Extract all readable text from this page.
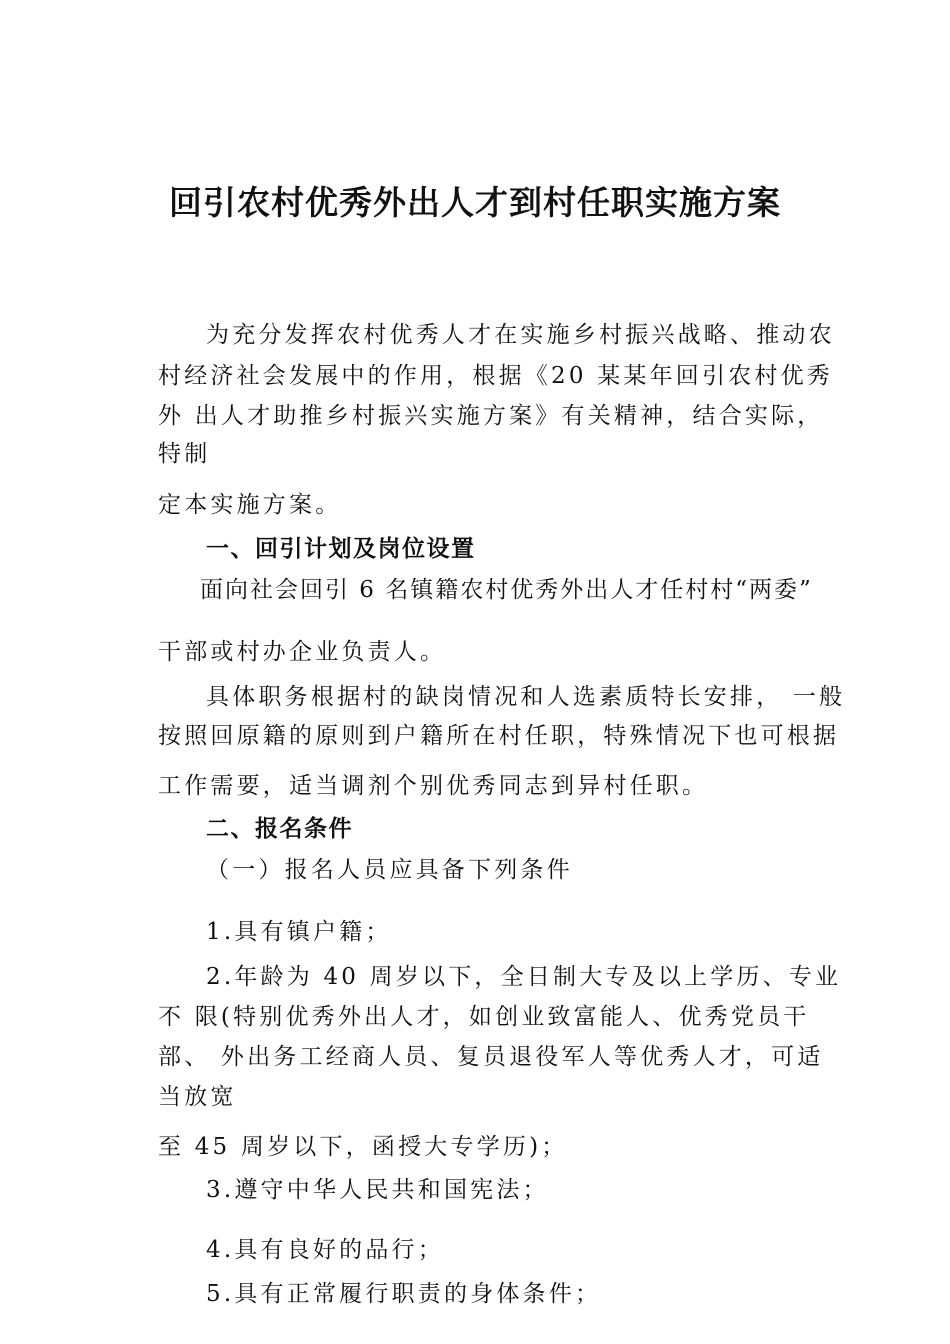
回引农村优秀外出人才到村任职实施方案
为充分发挥农村优秀人才在实施乡村振兴战略、推动农
村经济社会发展中的作用，根据《20 某某年回引农村优秀
外 出人才助推乡村振兴实施方案》有关精神，结合实际，
特制
定本实施方案。
一、回引计划及岗位设置
面向社会回引 6 名镇籍农村优秀外出人才任村村“两委”
干部或村办企业负责人。
具体职务根据村的缺岗情况和人选素质特长安排， 一般
按照回原籍的原则到户籍所在村任职，特殊情况下也可根据
工作需要，适当调剂个别优秀同志到异村任职。
二、报名条件
（一）报名人员应具备下列条件
1.具有镇户籍；
2.年龄为 40 周岁以下，全日制大专及以上学历、专业
不 限(特别优秀外出人才，如创业致富能人、优秀党员干
部、 外出务工经商人员、复员退役军人等优秀人才，可适
当放宽
至 45 周岁以下，函授大专学历)；
3.遵守中华人民共和国宪法；
4.具有良好的品行；
5.具有正常履行职责的身体条件；
